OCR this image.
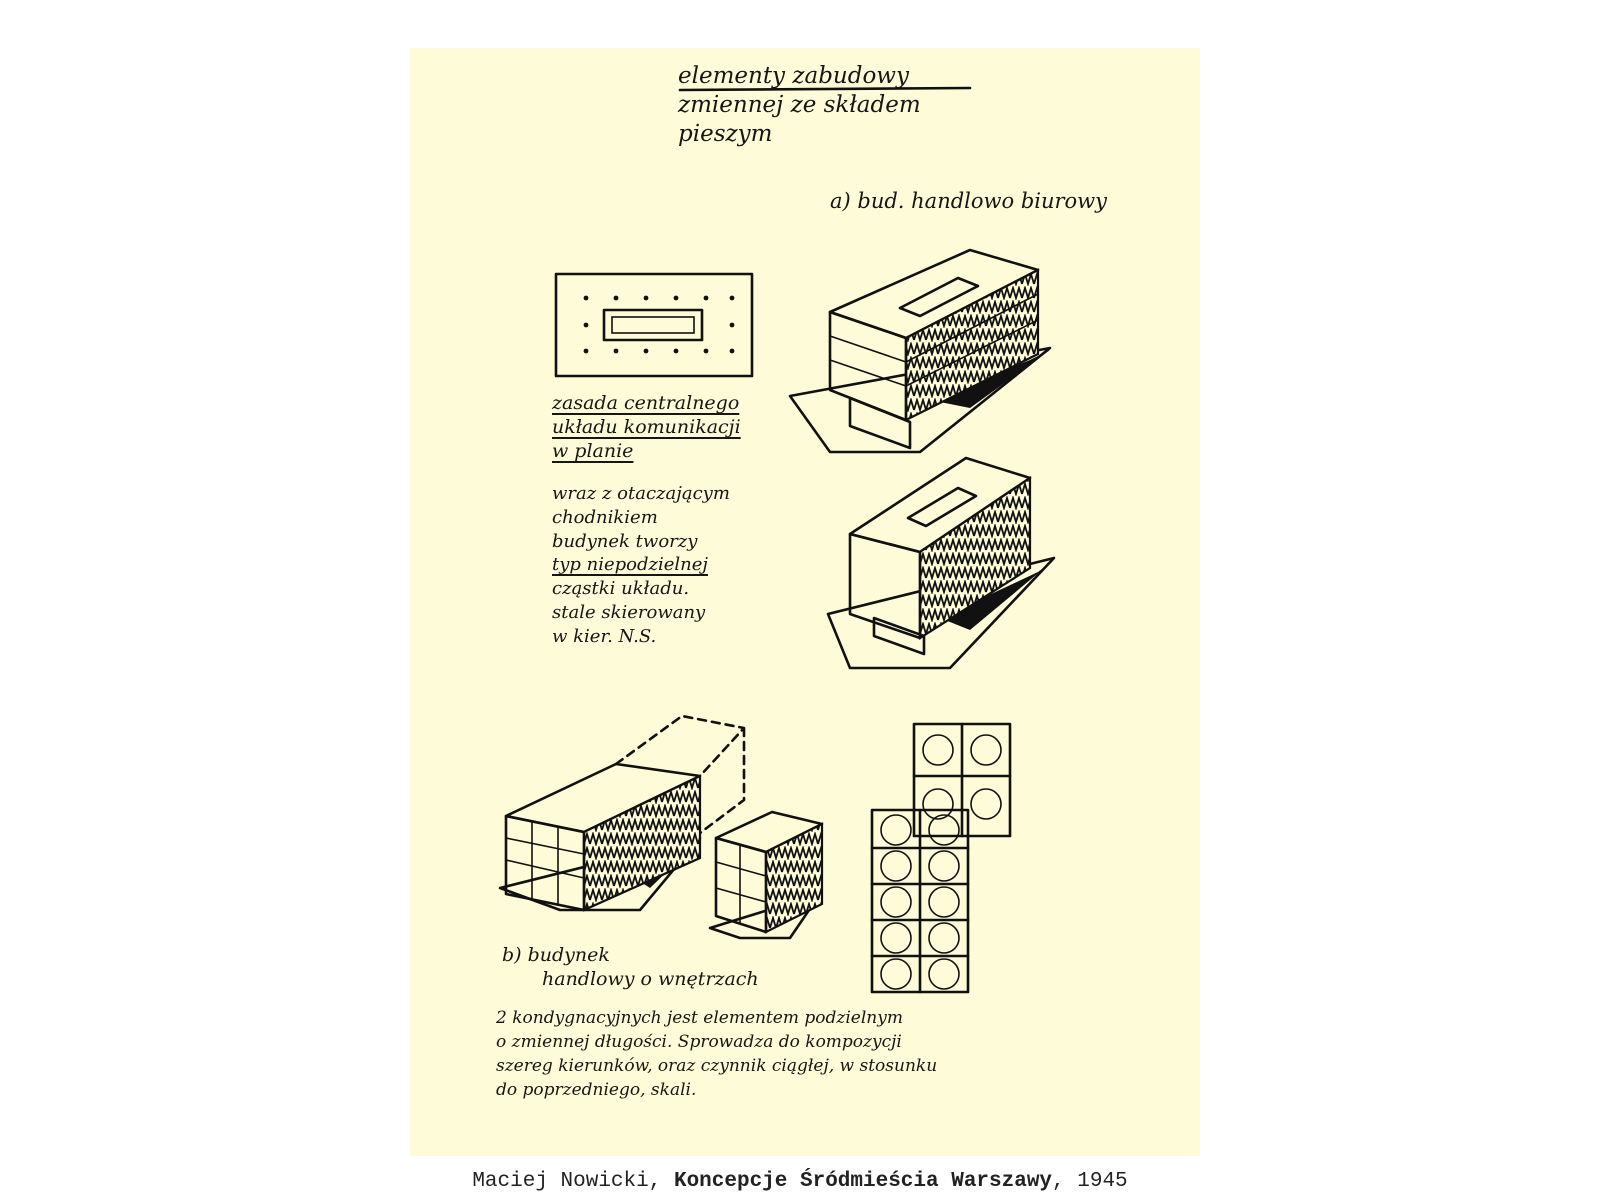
elementy zabudowy
zmiennej ze składem
pieszym
a) bud. handlowo biurowy
zasada centralnego
układu komunikacji
w planie
wraz z otaczającym
chodnikiem
budynek tworzy
typ niepodzielnej
cząstki układu.
stale skierowany
w kier. N.S.
b) budynek
handlowy o wnętrzach
2 kondygnacyjnych jest elementem podzielnym
o zmiennej długości. Sprowadza do kompozycji
szereg kierunków, oraz czynnik ciągłej, w stosunku
do poprzedniego, skali.
Maciej Nowicki, Koncepcje Śródmieścia Warszawy, 1945
